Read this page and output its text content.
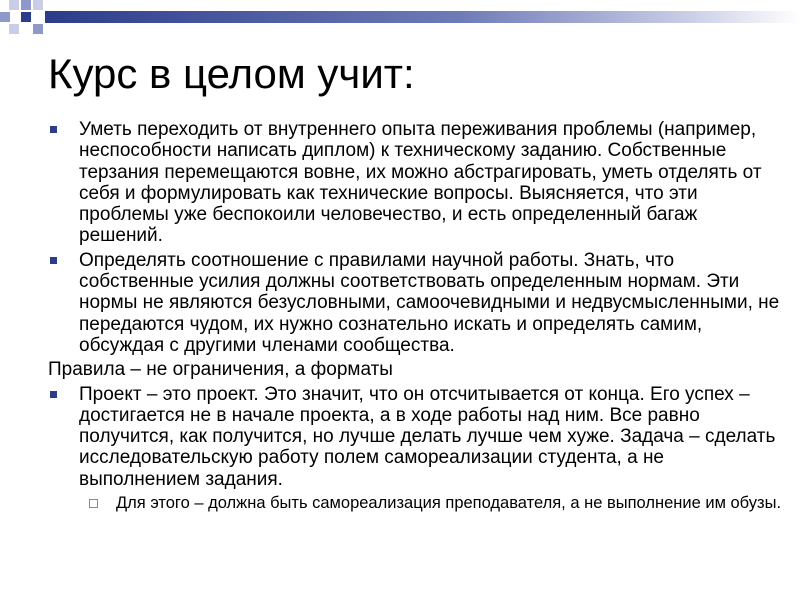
Курс в целом учит:
Уметь переходить от внутреннего опыта переживания проблемы (например, неспособности написать диплом) к техническому заданию. Собственные терзания перемещаются вовне, их можно абстрагировать, уметь отделять от себя и формулировать как технические вопросы. Выясняется, что эти проблемы уже беспокоили человечество, и есть определенный багаж решений.
Определять соотношение с правилами научной работы. Знать, что собственные усилия должны соответствовать определенным нормам. Эти нормы не являются безусловными, самоочевидными и недвусмысленными, не передаются чудом, их нужно сознательно искать и определять самим, обсуждая с другими членами сообщества.
Правила – не ограничения, а форматы
Проект – это проект. Это значит, что он отсчитывается от конца. Его успех – достигается не в начале проекта, а в ходе работы над ним. Все равно получится, как получится, но лучше делать лучше чем хуже. Задача – сделать исследовательскую работу полем самореализации студента, а не выполнением задания.
Для этого – должна быть самореализация преподавателя, а не выполнение им обузы.
